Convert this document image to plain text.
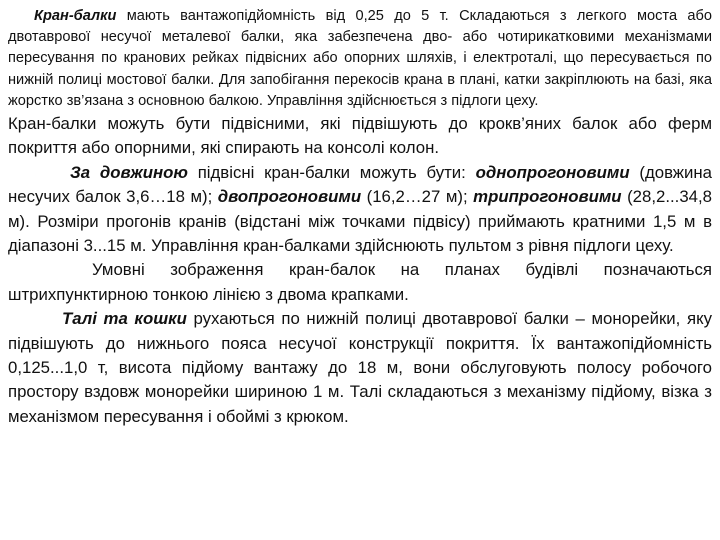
Кран-балки мають вантажопідйомність від 0,25 до 5 т. Складаються з легкого моста або двотаврової несучої металевої балки, яка забезпечена дво- або чотирикатковими механізмами пересування по кранових рейках підвісних або опорних шляхів, і електроталі, що пересувається по нижній полиці мостової балки. Для запобігання перекосів крана в плані, катки закріплюють на базі, яка жорстко зв’язана з основною балкою. Управління здійснюється з підлоги цеху.

Кран-балки можуть бути підвісними, які підвішують до крокв’яних балок або ферм покриття або опорними, які спирають на консолі колон.

За довжиною підвісні кран-балки можуть бути: однопрогоновими (довжина несучих балок 3,6…18 м); двопрогоновими (16,2…27 м); трипрогоновими (28,2...34,8 м). Розміри прогонів кранів (відстані між точками підвісу) приймають кратними 1,5 м в діапазоні 3...15 м. Управління кран-балками здійснюють пультом з рівня підлоги цеху.

Умовні зображення кран-балок на планах будівлі позначаються штрихпунктирною тонкою лінією з двома крапками.

Талі та кошки рухаються по нижній полиці двотаврової балки – монорейки, яку підвішують до нижнього пояса несучої конструкції покриття. Їх вантажопідйомність 0,125...1,0 т, висота підйому вантажу до 18 м, вони обслуговують полосу робочого простору вздовж монорейки шириною 1 м. Талі складаються з механізму підйому, візка з механізмом пересування і обоймі з крюком.
